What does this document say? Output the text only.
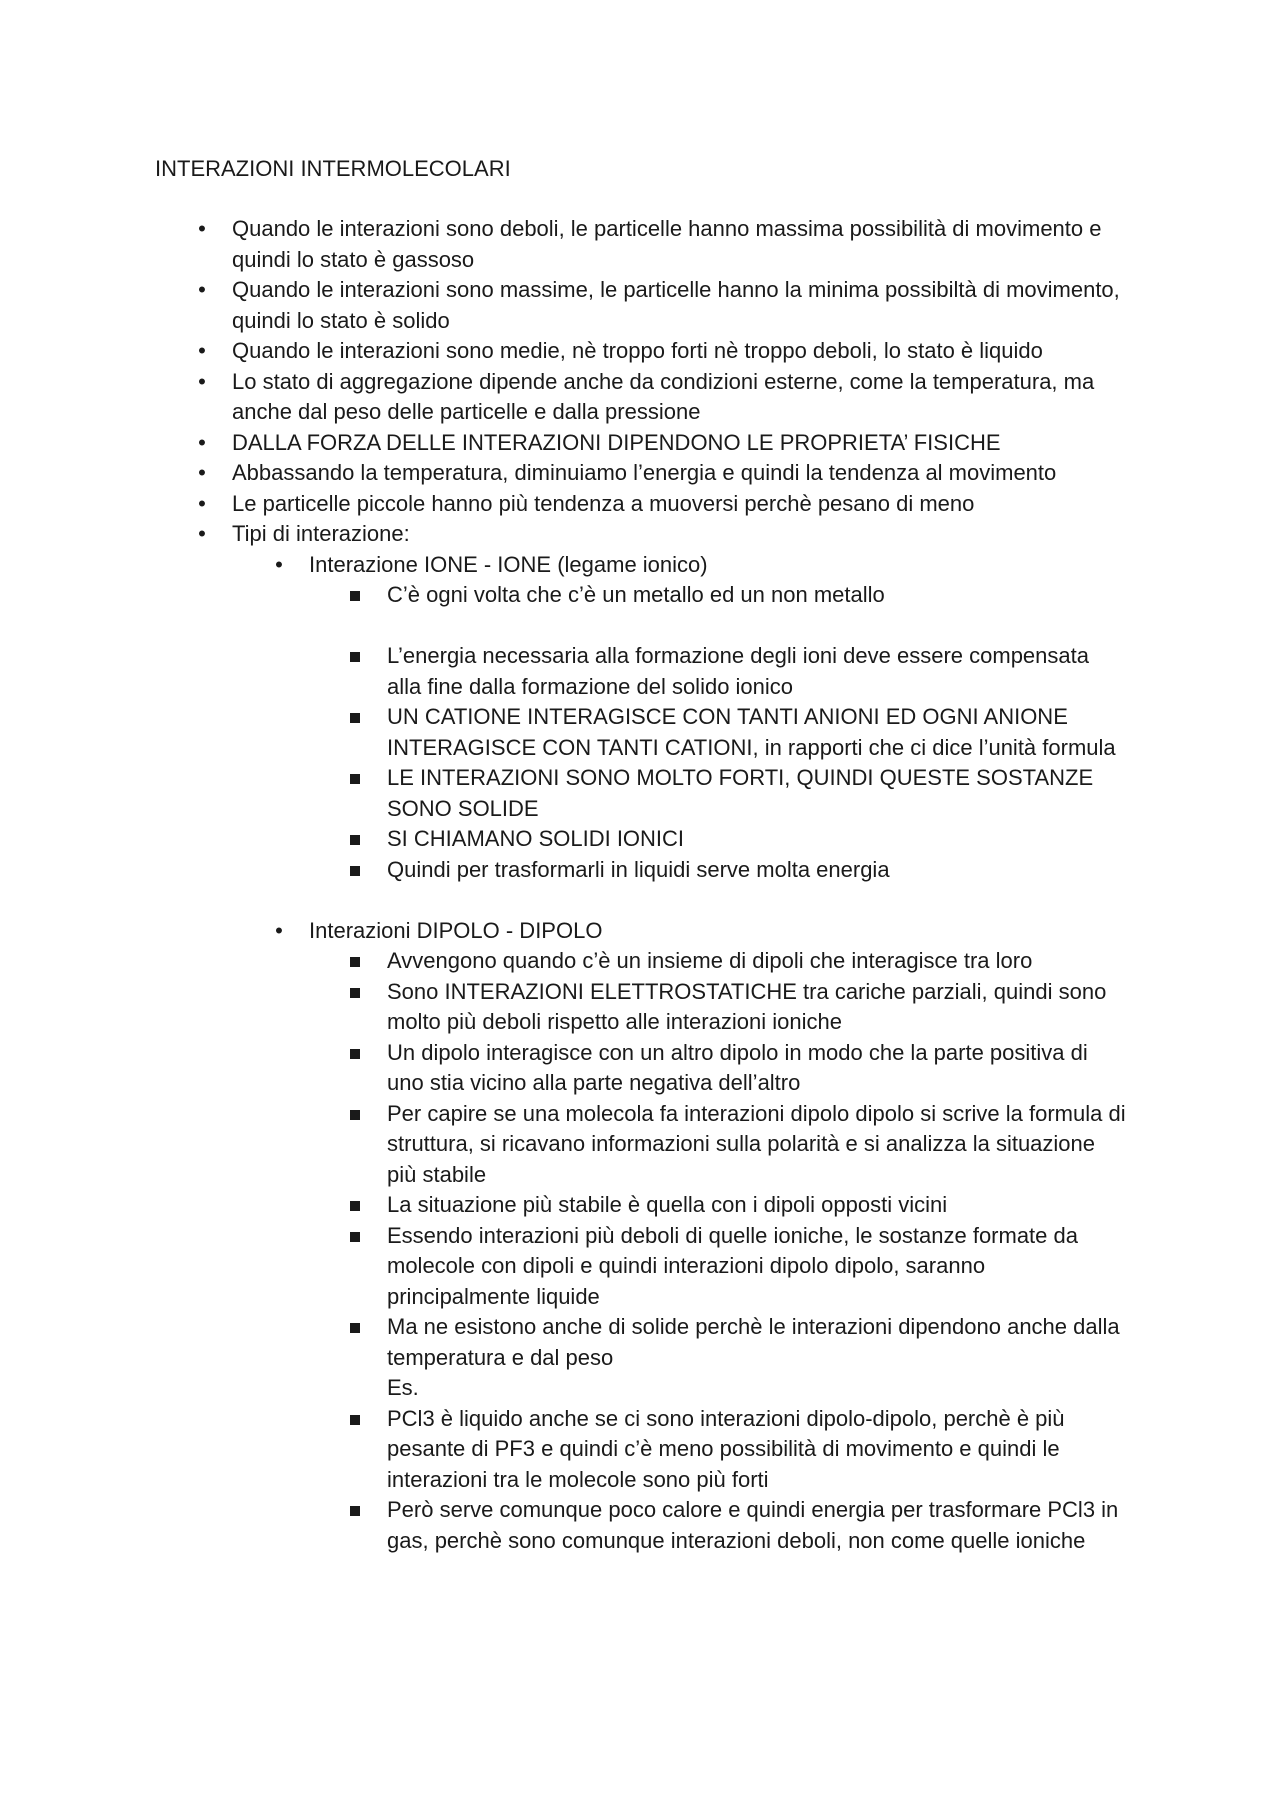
INTERAZIONI INTERMOLECOLARI
• Quando le interazioni sono deboli, le particelle hanno massima possibilità di movimento e quindi lo stato è gassoso
• Quando le interazioni sono massime, le particelle hanno la minima possibiltà di movimento, quindi lo stato è solido
• Quando le interazioni sono medie, nè troppo forti nè troppo deboli, lo stato è liquido
• Lo stato di aggregazione dipende anche da condizioni esterne, come la temperatura, ma anche dal peso delle particelle e dalla pressione
• DALLA FORZA DELLE INTERAZIONI DIPENDONO LE PROPRIETA’ FISICHE
• Abbassando la temperatura, diminuiamo l’energia e quindi la tendenza al movimento
• Le particelle piccole hanno più tendenza a muoversi perchè pesano di meno
• Tipi di interazione:
• Interazione IONE - IONE (legame ionico)
C’è ogni volta che c’è un metallo ed un non metallo
L’energia necessaria alla formazione degli ioni deve essere compensata alla fine dalla formazione del solido ionico
UN CATIONE INTERAGISCE CON TANTI ANIONI ED OGNI ANIONE INTERAGISCE CON TANTI CATIONI, in rapporti che ci dice l’unità formula
LE INTERAZIONI SONO MOLTO FORTI, QUINDI QUESTE SOSTANZE SONO SOLIDE
SI CHIAMANO SOLIDI IONICI
Quindi per trasformarli in liquidi serve molta energia
• Interazioni DIPOLO - DIPOLO
Avvengono quando c’è un insieme di dipoli che interagisce tra loro
Sono INTERAZIONI ELETTROSTATICHE tra cariche parziali, quindi sono molto più deboli rispetto alle interazioni ioniche
Un dipolo interagisce con un altro dipolo in modo che la parte positiva di uno stia vicino alla parte negativa dell’altro
Per capire se una molecola fa interazioni dipolo dipolo si scrive la formula di struttura, si ricavano informazioni sulla polarità e si analizza la situazione più stabile
La situazione più stabile è quella con i dipoli opposti vicini
Essendo interazioni più deboli di quelle ioniche, le sostanze formate da molecole con dipoli e quindi interazioni dipolo dipolo, saranno principalmente liquide
Ma ne esistono anche di solide perchè le interazioni dipendono anche dalla temperatura e dal peso
Es.
PCl3 è liquido anche se ci sono interazioni dipolo-dipolo, perchè è più pesante di PF3 e quindi c’è meno possibilità di movimento e quindi le interazioni tra le molecole sono più forti
Però serve comunque poco calore e quindi energia per trasformare PCl3 in gas, perchè sono comunque interazioni deboli, non come quelle ioniche
